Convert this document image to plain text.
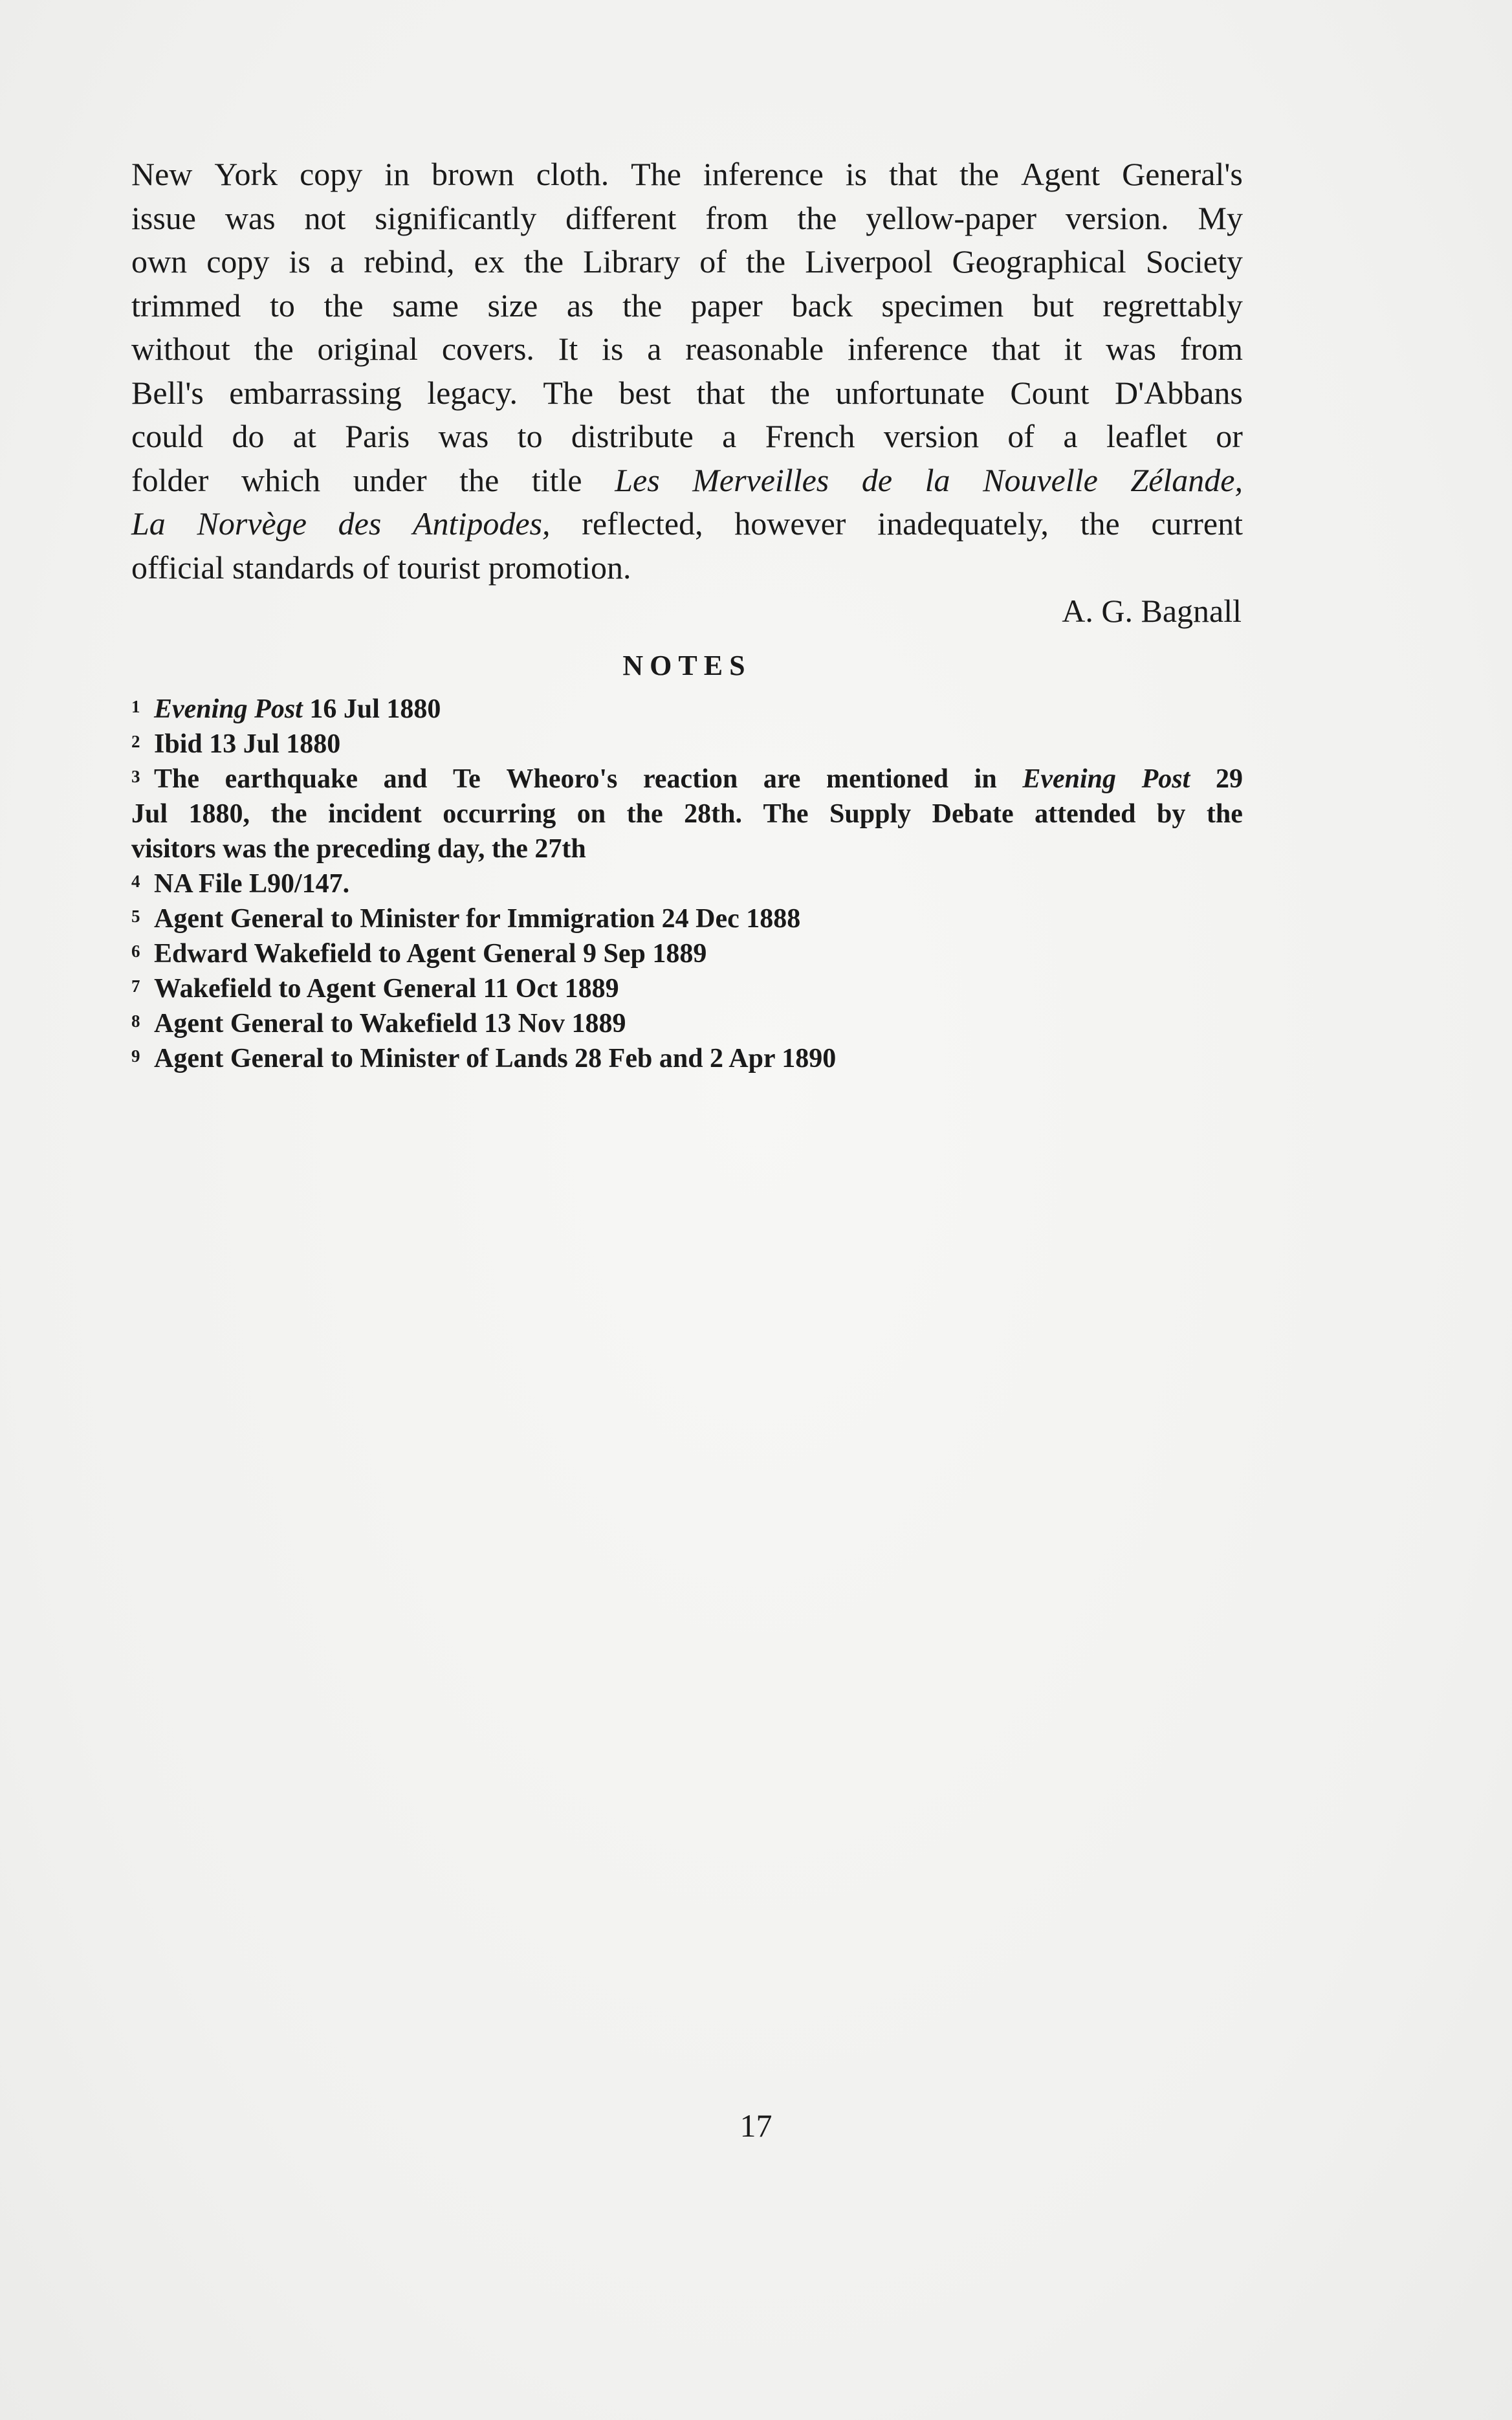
New York copy in brown cloth. The inference is that the Agent General's
issue was not significantly different from the yellow-paper version. My
own copy is a rebind, ex the Library of the Liverpool Geographical Society
trimmed to the same size as the paper back specimen but regrettably
without the original covers. It is a reasonable inference that it was from
Bell's embarrassing legacy. The best that the unfortunate Count D'Abbans
could do at Paris was to distribute a French version of a leaflet or
folder which under the title Les Merveilles de la Nouvelle Zélande,
La Norvège des Antipodes, reflected, however inadequately, the current
official standards of tourist promotion.

A. G. Bagnall

NOTES
1 Evening Post 16 Jul 1880
2 Ibid 13 Jul 1880
3 The earthquake and Te Wheoro's reaction are mentioned in Evening Post 29
Jul 1880, the incident occurring on the 28th. The Supply Debate attended by the
visitors was the preceding day, the 27th
4 NA File L90/147.
5 Agent General to Minister for Immigration 24 Dec 1888
6 Edward Wakefield to Agent General 9 Sep 1889
7 Wakefield to Agent General 11 Oct 1889
8 Agent General to Wakefield 13 Nov 1889
9 Agent General to Minister of Lands 28 Feb and 2 Apr 1890
17
